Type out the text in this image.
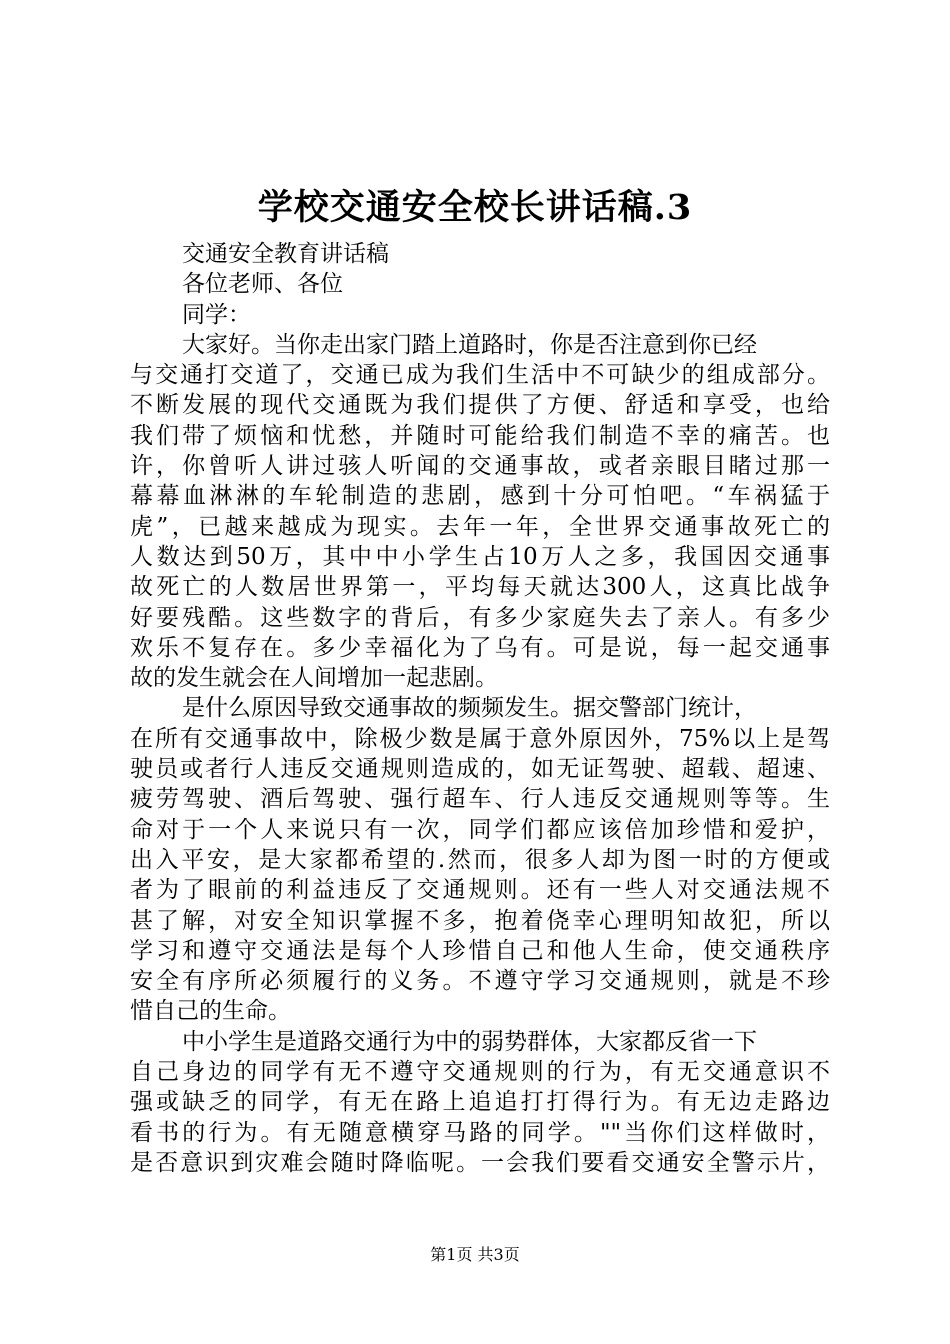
学校交通安全校长讲话稿.3
交通安全教育讲话稿
各位老师、各位
同学：
大家好。当你走出家门踏上道路时，你是否注意到你已经
与交通打交道了，交通已成为我们生活中不可缺少的组成部分。
不断发展的现代交通既为我们提供了方便、舒适和享受，也给
我们带了烦恼和忧愁，并随时可能给我们制造不幸的痛苦。也
许，你曾听人讲过骇人听闻的交通事故，或者亲眼目睹过那一
幕幕血淋淋的车轮制造的悲剧，感到十分可怕吧。“车祸猛于
虎”，已越来越成为现实。去年一年，全世界交通事故死亡的
人数达到50万，其中中小学生占10万人之多，我国因交通事
故死亡的人数居世界第一，平均每天就达300人，这真比战争
好要残酷。这些数字的背后，有多少家庭失去了亲人。有多少
欢乐不复存在。多少幸福化为了乌有。可是说，每一起交通事
故的发生就会在人间增加一起悲剧。
是什么原因导致交通事故的频频发生。据交警部门统计，
在所有交通事故中，除极少数是属于意外原因外，75%以上是驾
驶员或者行人违反交通规则造成的，如无证驾驶、超载、超速、
疲劳驾驶、酒后驾驶、强行超车、行人违反交通规则等等。生
命对于一个人来说只有一次，同学们都应该倍加珍惜和爱护，
出入平安，是大家都希望的.然而，很多人却为图一时的方便或
者为了眼前的利益违反了交通规则。还有一些人对交通法规不
甚了解，对安全知识掌握不多，抱着侥幸心理明知故犯，所以
学习和遵守交通法是每个人珍惜自己和他人生命，使交通秩序
安全有序所必须履行的义务。不遵守学习交通规则，就是不珍
惜自己的生命。
中小学生是道路交通行为中的弱势群体，大家都反省一下
自己身边的同学有无不遵守交通规则的行为，有无交通意识不
强或缺乏的同学，有无在路上追追打打得行为。有无边走路边
看书的行为。有无随意横穿马路的同学。""当你们这样做时，
是否意识到灾难会随时降临呢。一会我们要看交通安全警示片，
第1页 共3页
